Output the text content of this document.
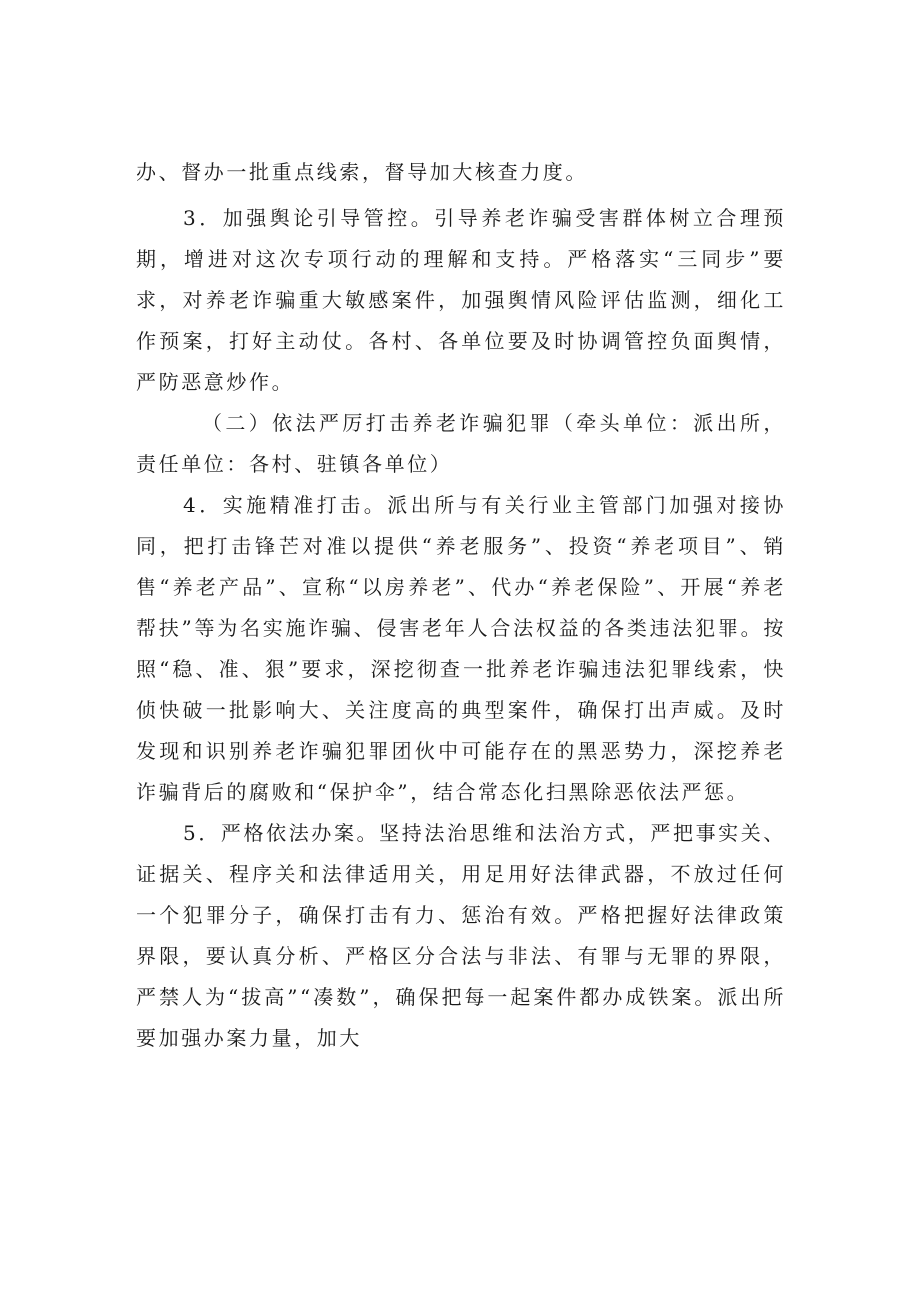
办、督办一批重点线索，督导加大核查力度。

3．加强舆论引导管控。引导养老诈骗受害群体树立合理预期，增进对这次专项行动的理解和支持。严格落实“三同步”要求，对养老诈骗重大敏感案件，加强舆情风险评估监测，细化工作预案，打好主动仗。各村、各单位要及时协调管控负面舆情，严防恶意炒作。

（二）依法严厉打击养老诈骗犯罪（牵头单位：派出所，责任单位：各村、驻镇各单位）

4．实施精准打击。派出所与有关行业主管部门加强对接协同，把打击锋芒对准以提供“养老服务”、投资“养老项目”、销售“养老产品”、宣称“以房养老”、代办“养老保险”、开展“养老帮扶”等为名实施诈骗、侵害老年人合法权益的各类违法犯罪。按照“稳、准、狠”要求，深挖彻查一批养老诈骗违法犯罪线索，快侦快破一批影响大、关注度高的典型案件，确保打出声威。及时发现和识别养老诈骗犯罪团伙中可能存在的黑恶势力，深挖养老诈骗背后的腐败和“保护伞”，结合常态化扫黑除恶依法严惩。

5．严格依法办案。坚持法治思维和法治方式，严把事实关、证据关、程序关和法律适用关，用足用好法律武器，不放过任何一个犯罪分子，确保打击有力、惩治有效。严格把握好法律政策界限，要认真分析、严格区分合法与非法、有罪与无罪的界限，严禁人为“拔高”“凑数”，确保把每一起案件都办成铁案。派出所要加强办案力量，加大
